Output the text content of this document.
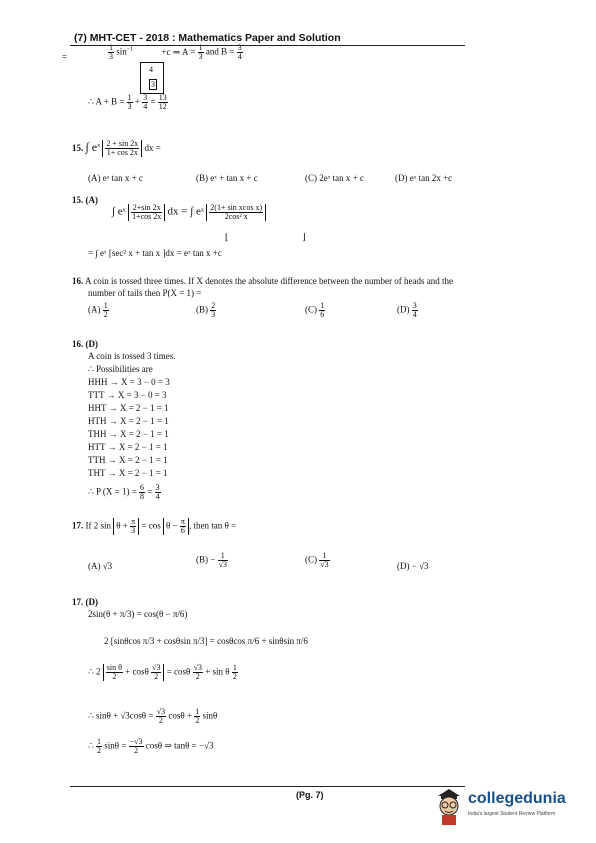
(7) MHT-CET - 2018 : Mathematics Paper and Solution
=	$\frac{1}{3} \sin^{-1}$	+c ⇒ $A = \frac{1}{3}$ and $B = \frac{3}{4}$
4
3
∴ $A + B = \frac{1}{3} + \frac{3}{4} = \frac{13}{12}$
15. ∫ $e^x \frac{2 + \sin 2x}{1+ \cos 2x}$ dx =
(A) eˣ tan x + c	(B) eˣ + tan x + c	(C) 2eˣ tan x + c	(D) eˣ tan 2x +c
15. (A)
∫ eˣ $\frac{2+\sin 2x}{1+\cos 2x}$ dx = ∫ eˣ $\frac{\text{2(1+ sin xcos x)}}{\text{2cos² x}}$
⌊	⌋
= ∫ eˣ [sec² x + tan x ]dx = eˣ tan x +c
16. A coin is tossed three times. If X denotes the absolute difference between the number of heads and the
number of tails then P(X = 1) =
$(A) \frac{1}{2}$	$(B) \frac{2}{3}$	$(C) \frac{1}{6}$	$(D) \frac{3}{4}$
16. (D)
A coin is tossed 3 times.
∴ Possibilities are
HHH → X = 3 − 0 = 3
TTT → X = 3 − 0 = 3
HHT → X = 2 − 1 = 1
HTH → X = 2 − 1 = 1
THH → X = 2 − 1 = 1
HTT → X = 2 − 1 = 1
TTH → X = 2 − 1 = 1
THT → X = 2 − 1 = 1
∴ P $(X = 1) = \frac{6}{8} = \frac{3}{4}$
17. If 2 $\sin \theta + \frac{\pi}{3} = \cos \theta - \frac{\pi}{6}$ , then tan θ =
(A) √3
$(B) - \frac{1}{√3}$	$(C) \frac{1}{√3}$	(D) − √3
17. (D)
2sin(θ + π/3) = cos(θ − π/6)
2 [sinθcos π/3 + cosθsin π/3] = cosθcos π/6 + sinθsin π/6
∴ $2 \frac{\text{sin θ}}{2} + \cos\theta \frac{√3}{2} = \cos\theta \frac{√3}{2} + \sin \theta \frac{1}{2}$
∴ $\sin\theta + √3\cos\theta = \frac{√3}{2}$ $\cos\theta + \frac{1}{2}$ sinθ
∴ $\frac{1}{2}$ $\sin\theta = \frac{-√3}{2}$ cosθ ⇒ tanθ = −√3
(Pg. 7)	collegedunia
India's largest Student Review Platform
